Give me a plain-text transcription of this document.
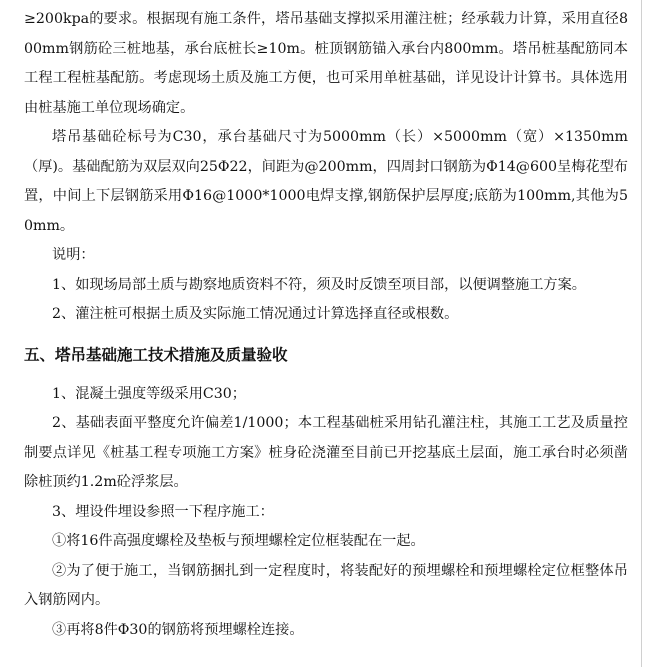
≥200kpa的要求。根据现有施工条件，塔吊基础支撑拟采用灌注桩；经承载力计算，采用直径800mm钢筋砼三桩地基，承台底桩长≥10m。桩顶钢筋锚入承台内800mm。塔吊桩基配筋同本工程工程桩基配筋。考虑现场土质及施工方便，也可采用单桩基础，详见设计计算书。具体选用由桩基施工单位现场确定。

塔吊基础砼标号为C30，承台基础尺寸为5000mm（长）×5000mm（宽）×1350mm（厚)。基础配筋为双层双向25Φ22，间距为@200mm，四周封口钢筋为Φ14@600呈梅花型布置，中间上下层钢筋采用Φ16@1000*1000电焊支撑,钢筋保护层厚度;底筋为100mm,其他为50mm。

说明：

1、如现场局部土质与勘察地质资料不符，须及时反馈至项目部，以便调整施工方案。

2、灌注桩可根据土质及实际施工情况通过计算选择直径或根数。

五、塔吊基础施工技术措施及质量验收

1、混凝土强度等级采用C30；

2、基础表面平整度允许偏差1/1000；本工程基础桩采用钻孔灌注柱，其施工工艺及质量控制要点详见《桩基工程专项施工方案》桩身砼浇灌至目前已开挖基底土层面，施工承台时必须凿除桩顶约1.2m砼浮浆层。

3、埋设件埋设参照一下程序施工：

①将16件高强度螺栓及垫板与预埋螺栓定位框装配在一起。

②为了便于施工，当钢筋捆扎到一定程度时，将装配好的预埋螺栓和预埋螺栓定位框整体吊入钢筋网内。

③再将8件Φ30的钢筋将预埋螺栓连接。
